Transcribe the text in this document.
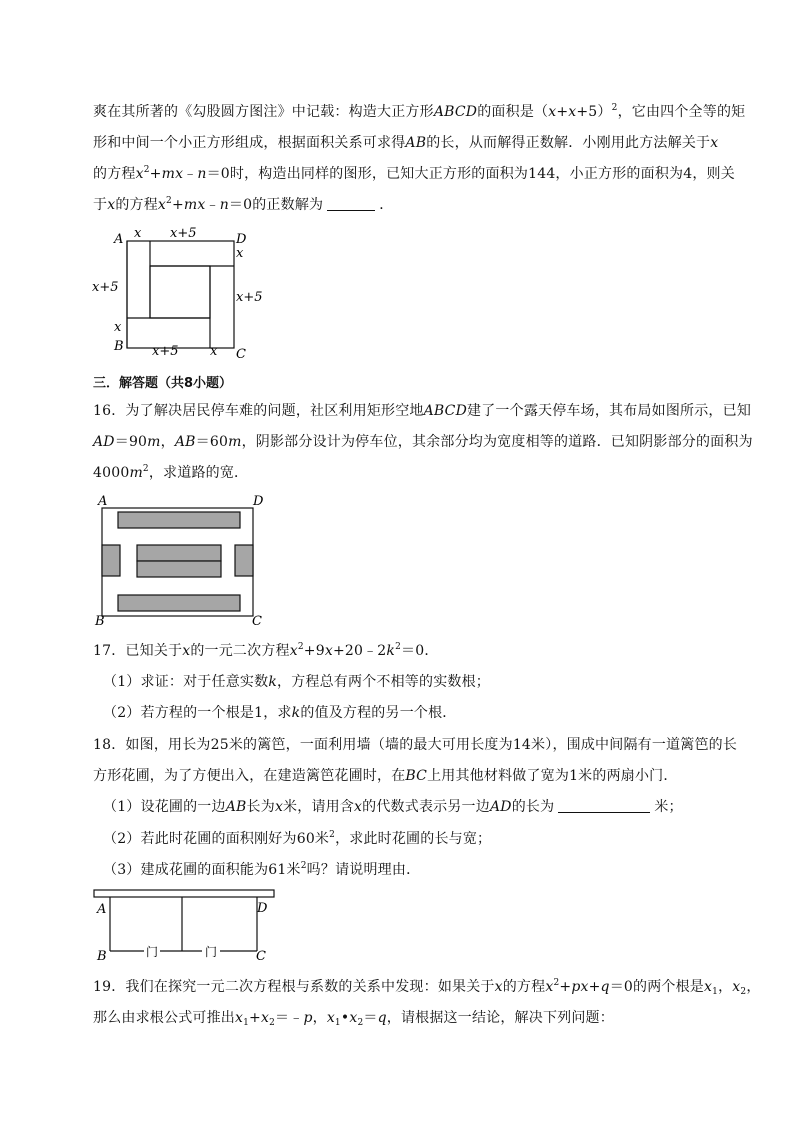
爽在其所著的《勾股圆方图注》中记载：构造大正方形ABCD的面积是$(x+x+5)^2$，它由四个全等的矩
形和中间一个小正方形组成，根据面积关系可求得AB的长，从而解得正数解．小刚用此方法解关于x
的方程$x^2+mx﹣n=0$时，构造出同样的图形，已知大正方形的面积为144，小正方形的面积为4，则关
于x的方程$x^2+mx﹣n=0$的正数解为	．
A
B
C
D
x x+5
x+5
x
x
x+5
x+5 x
三．解答题（共8小题）
16．为了解决居民停车难的问题，社区利用矩形空地ABCD建了一个露天停车场，其布局如图所示，已知
AD＝90m，AB＝60m，阴影部分设计为停车位，其余部分均为宽度相等的道路．已知阴影部分的面积为
$4000m^2$，求道路的宽．
A	D
B	C
17．已知关于x的一元二次方程$x^2+9x+20﹣2k^2=0$．
（1）求证：对于任意实数k，方程总有两个不相等的实数根；
（2）若方程的一个根是1，求k的值及方程的另一个根．
18．如图，用长为25米的篱笆，一面利用墙（墙的最大可用长度为14米），围成中间隔有一道篱笆的长
方形花圃，为了方便出入，在建造篱笆花圃时，在BC上用其他材料做了宽为1米的两扇小门．
（1）设花圃的一边AB长为x米，请用含x的代数式表示另一边AD的长为	米；
（2）若此时花圃的面积刚好为60米$^2$，求此时花圃的长与宽；
（3）建成花圃的面积能为61米$^2$吗？请说明理由．
A	D
B	C
门	门
19．我们在探究一元二次方程根与系数的关系中发现：如果关于x的方程$x^2+px+q=0$的两个根是$x_1$，$x_2$，
那么由求根公式可推出$x_1+x_2=﹣p$，$x_1•x_2=q$，请根据这一结论，解决下列问题：
